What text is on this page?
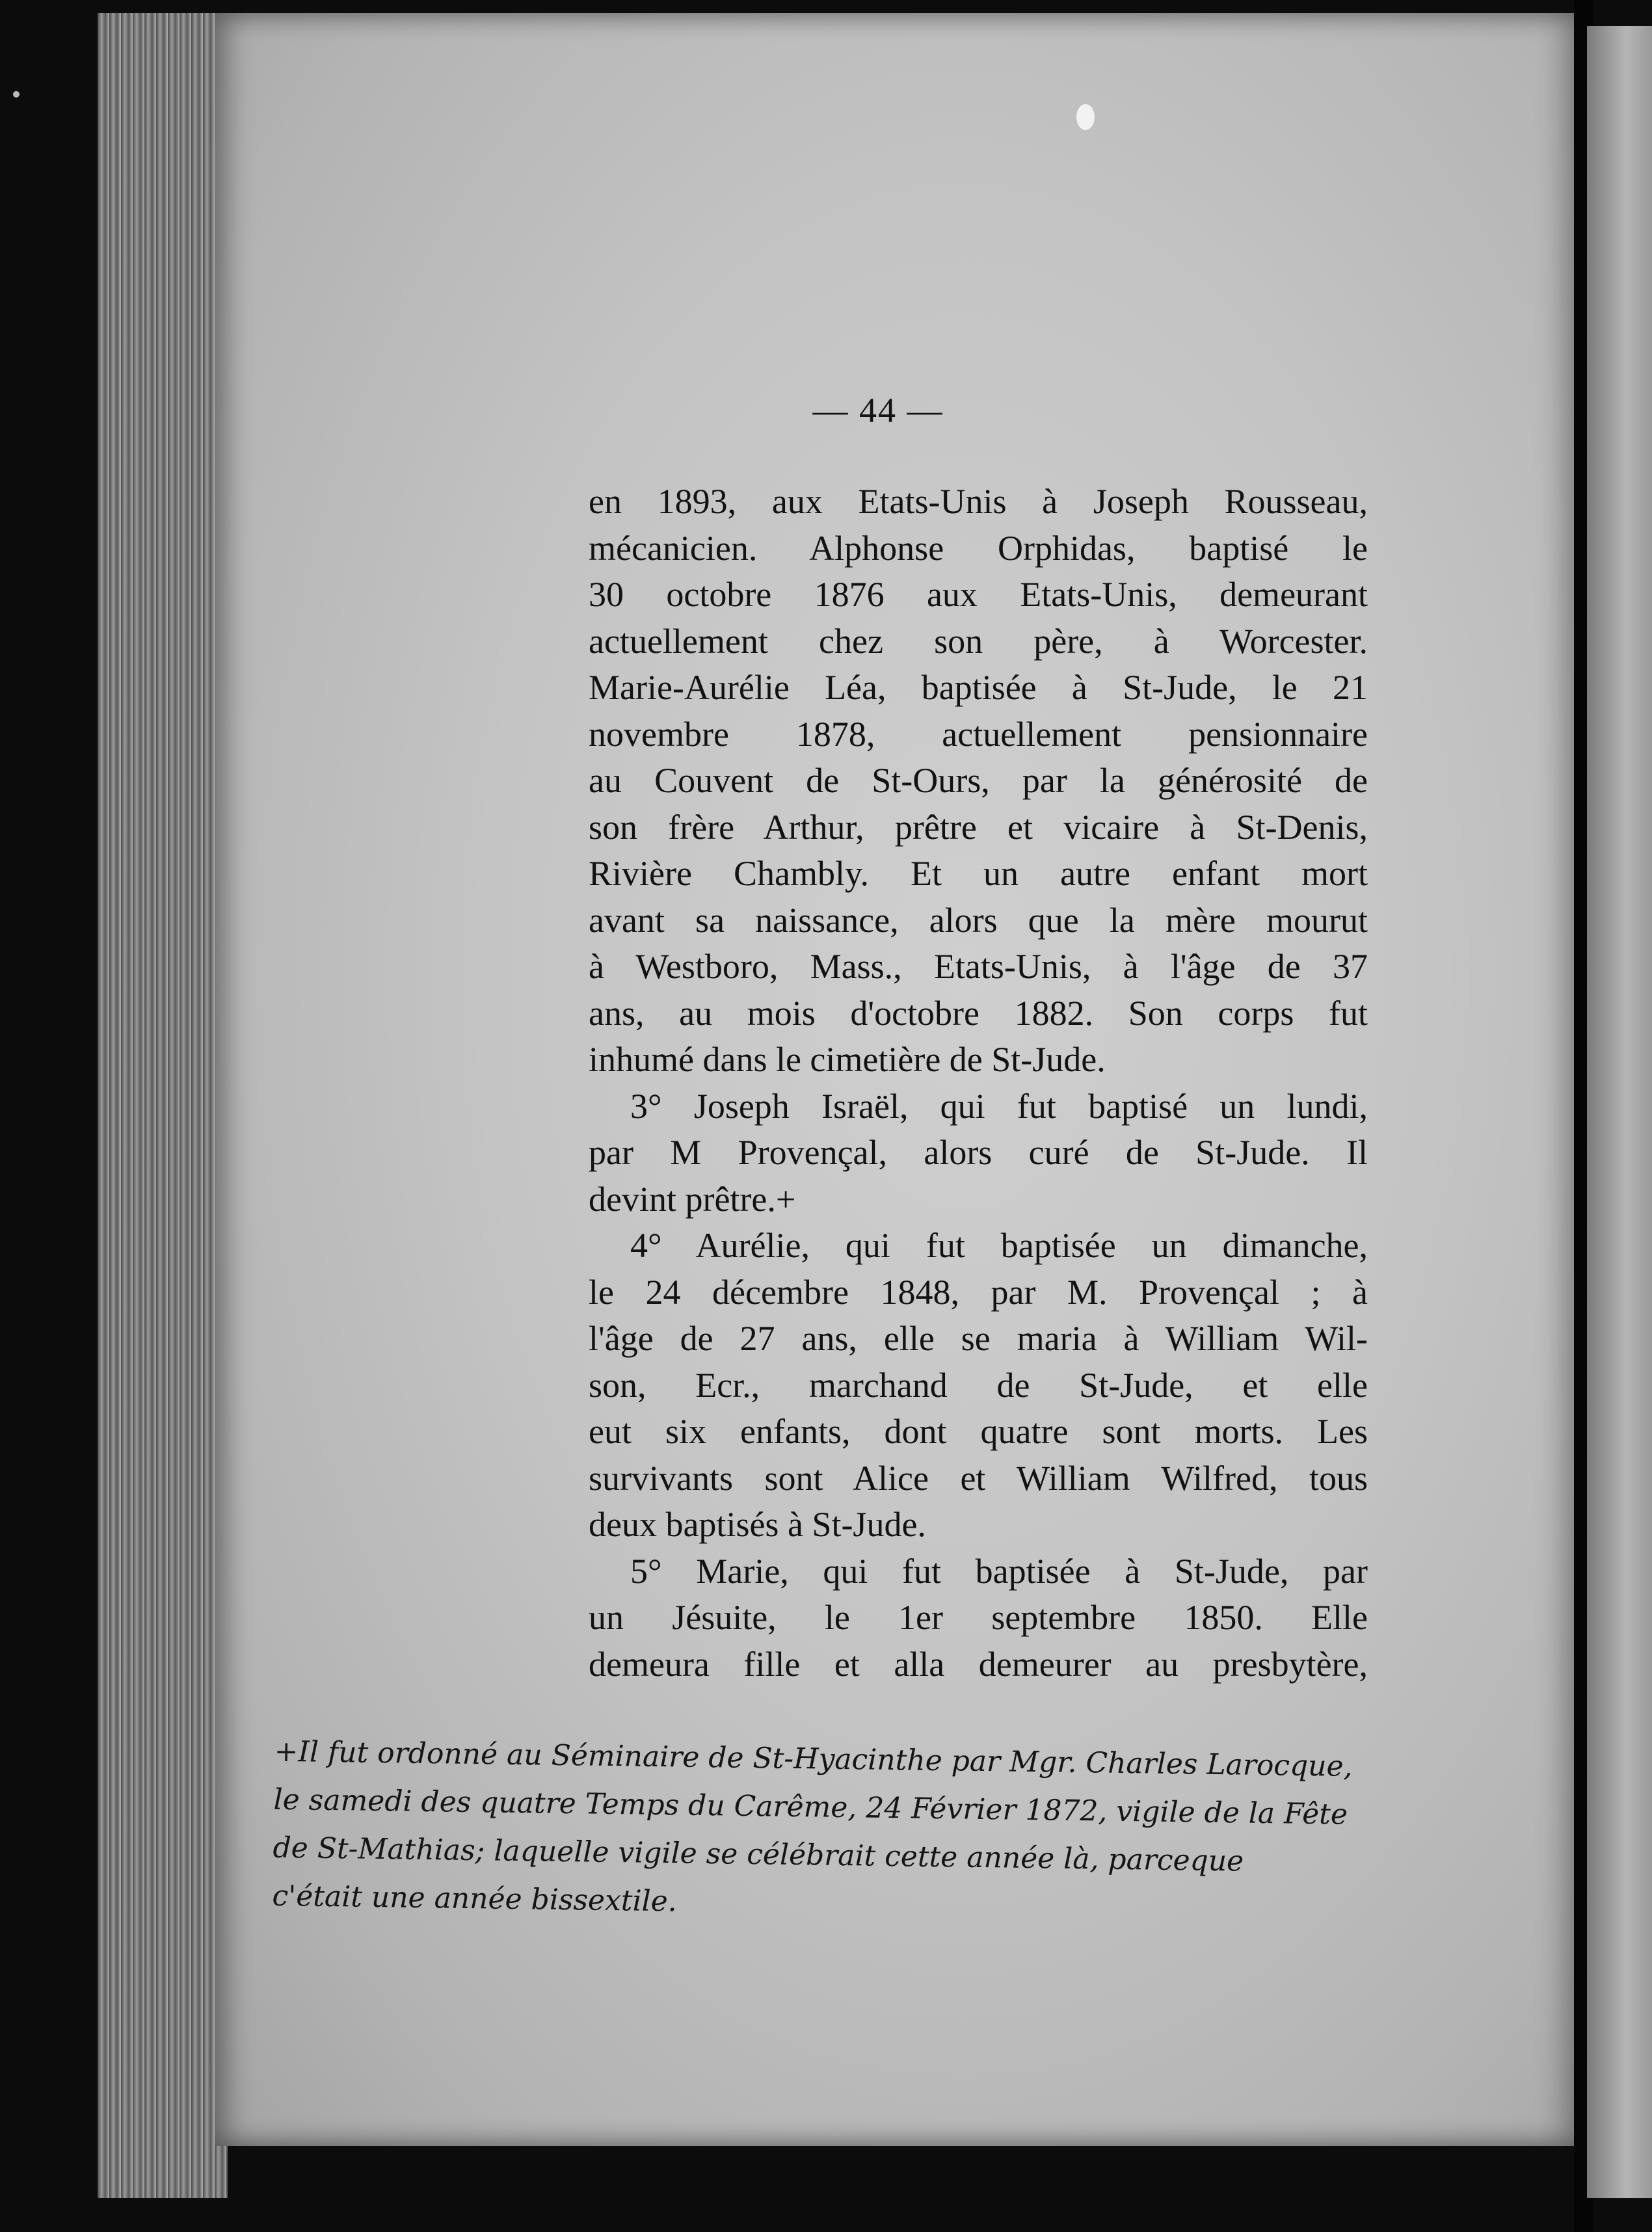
— 44 —
en 1893, aux Etats-Unis à Joseph Rousseau,
mécanicien. Alphonse Orphidas, baptisé le
30 octobre 1876 aux Etats-Unis, demeurant
actuellement chez son père, à Worcester.
Marie-Aurélie Léa, baptisée à St-Jude, le 21
novembre 1878, actuellement pensionnaire
au Couvent de St-Ours, par la générosité de
son frère Arthur, prêtre et vicaire à St-Denis,
Rivière Chambly. Et un autre enfant mort
avant sa naissance, alors que la mère mourut
à Westboro, Mass., Etats-Unis, à l'âge de 37
ans, au mois d'octobre 1882. Son corps fut
inhumé dans le cimetière de St-Jude.
3° Joseph Israël, qui fut baptisé un lundi,
par M Provençal, alors curé de St-Jude. Il
devint prêtre.+
4° Aurélie, qui fut baptisée un dimanche,
le 24 décembre 1848, par M. Provençal ; à
l'âge de 27 ans, elle se maria à William Wil-
son, Ecr., marchand de St-Jude, et elle
eut six enfants, dont quatre sont morts. Les
survivants sont Alice et William Wilfred, tous
deux baptisés à St-Jude.
5° Marie, qui fut baptisée à St-Jude, par
un Jésuite, le 1er septembre 1850. Elle
demeura fille et alla demeurer au presbytère,
+Il fut ordonné au Séminaire de St-Hyacinthe par Mgr. Charles Larocque,
le samedi des quatre Temps du Carême, 24 Février 1872, vigile de la Fête
de St-Mathias; laquelle vigile se célébrait cette année là, parceque
c'était une année bissextile.
